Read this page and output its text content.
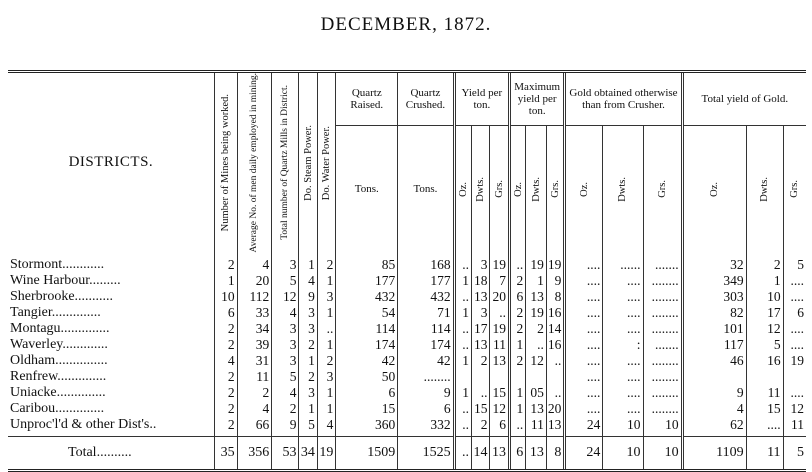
DECEMBER, 1872.
DISTRICTS.	Number of Mines being worked.	Average No. of men daily employed in mining.	Total number of Quartz Mills in District.	Do. Steam Power.	Do. Water Power.	Quartz Raised.	Quartz Crushed.	Yield per ton.			Maximum yield per ton.			Gold obtained otherwise than from Crusher.			Total yield of Gold.		
						Tons.	Tons.	Oz.	Dwts.	Grs.	Oz.	Dwts.	Grs.	Oz.	Dwts.	Grs.	Oz.	Dwts.	Grs.

Stormont............	2	4	3	1	2	85	168	..	3	19	..	19	19	....	......	.......	32	2	5
Wine Harbour.........	1	20	5	4	1	177	177	1	18	7	2	1	9	....	....	........	349	1	....
Sherbrooke...........	10	112	12	9	3	432	432	..	13	20	6	13	8	....	....	........	303	10	....
Tangier..............	6	33	4	3	1	54	71	1	3	..	2	19	16	....	....	........	82	17	6
Montagu..............	2	34	3	3	..	114	114	..	17	19	2	2	14	....	....	........	101	12	....
Waverley.............	2	39	3	2	1	174	174	..	13	11	1	..	16	....	:	.......	117	5	....
Oldham...............	4	31	3	1	2	42	42	1	2	13	2	12	..	....	....	........	46	16	19
Renfrew..............	2	11	5	2	3	50	........							....	....	........			
Uniacke..............	2	2	4	3	1	6	9	1	..	15	1	05	..	....	....	........	9	11	....
Caribou..............	2	4	2	1	1	15	6	..	15	12	1	13	20	....	....	........	4	15	12
Unproc'l'd & other Dist's..	2	66	9	5	4	360	332	..	2	6	..	11	13	24	10	10	62	....	11
Total..........	35	356	53	34	19	1509	1525	..	14	13	6	13	8	24	10	10	1109	11	5
